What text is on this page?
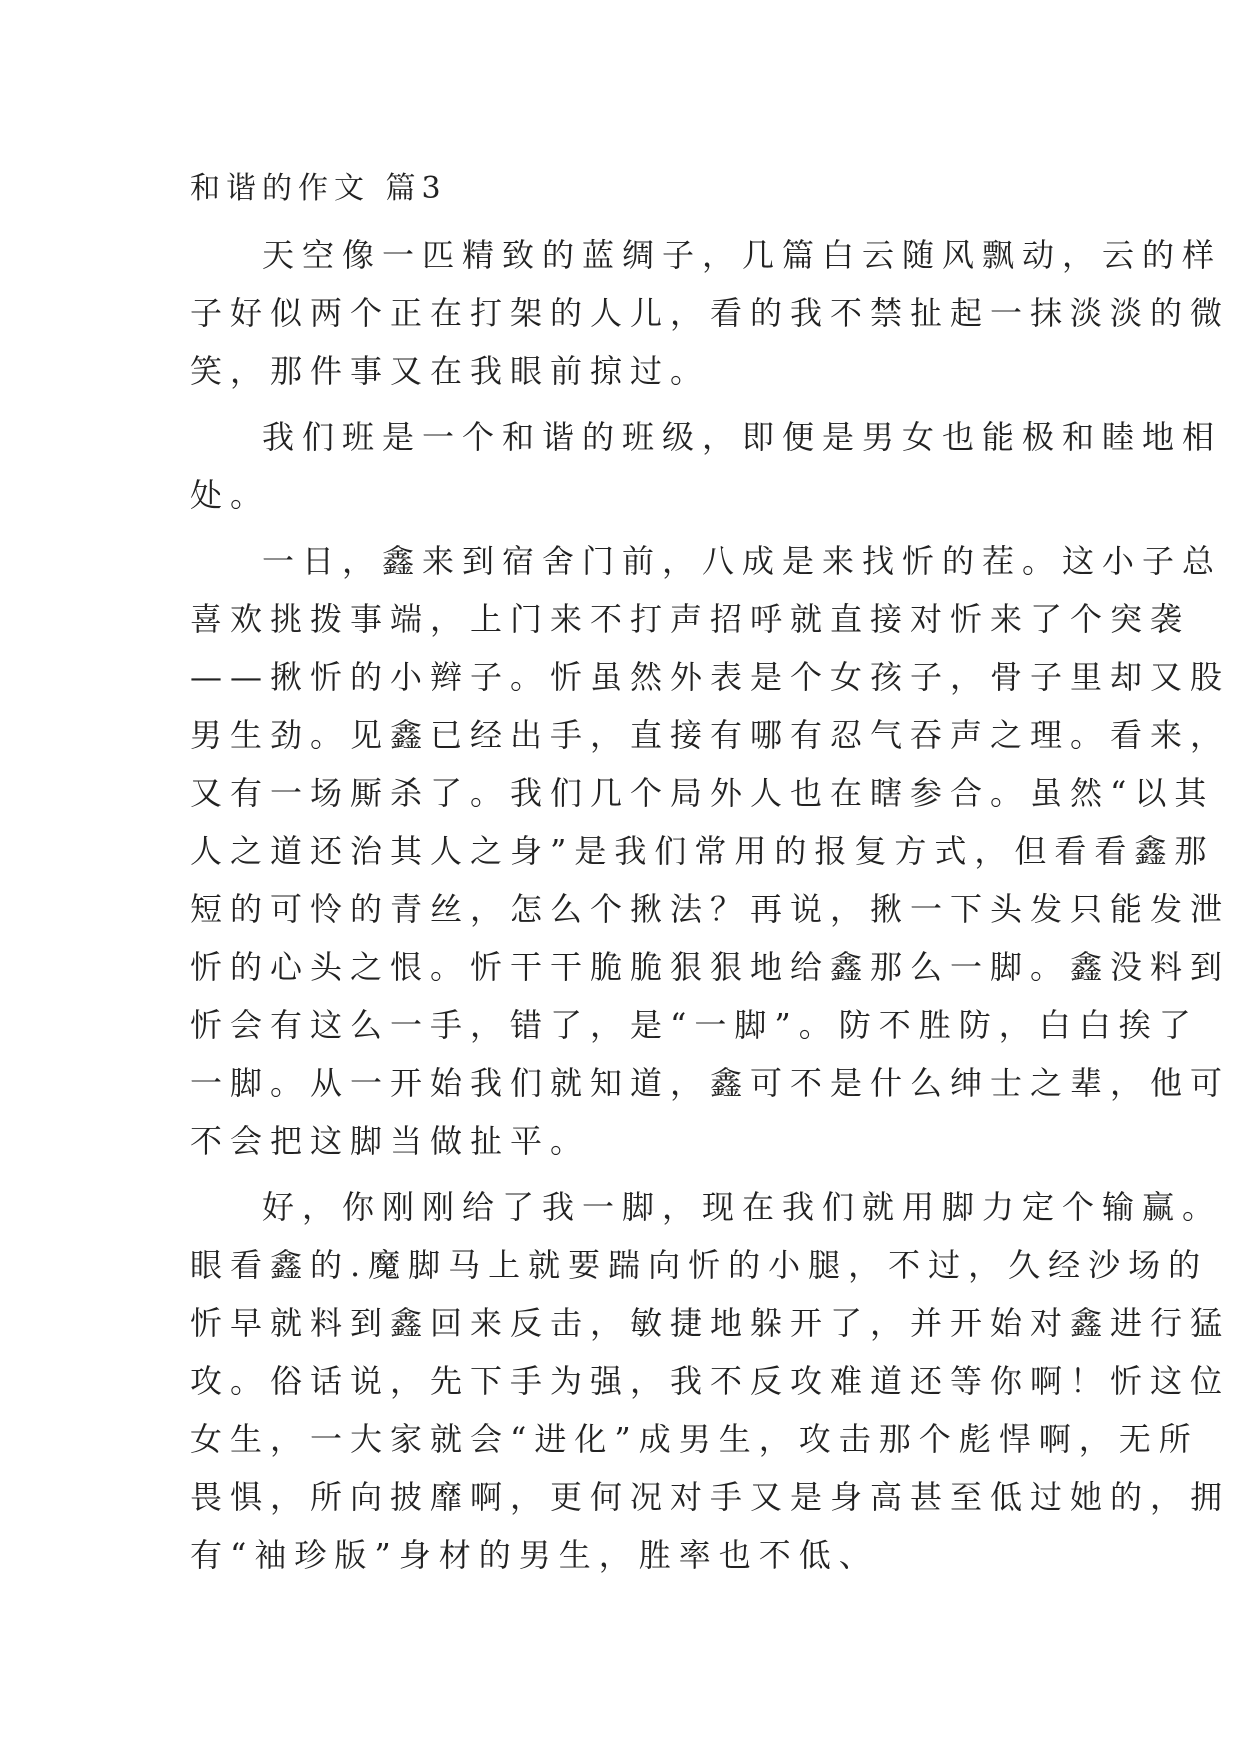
和谐的作文 篇3
天空像一匹精致的蓝绸子，几篇白云随风飘动，云的样
子好似两个正在打架的人儿，看的我不禁扯起一抹淡淡的微
笑，那件事又在我眼前掠过。
我们班是一个和谐的班级，即便是男女也能极和睦地相
处。
一日，鑫来到宿舍门前，八成是来找忻的茬。这小子总
喜欢挑拨事端，上门来不打声招呼就直接对忻来了个突袭
——揪忻的小辫子。忻虽然外表是个女孩子，骨子里却又股
男生劲。见鑫已经出手，直接有哪有忍气吞声之理。看来，
又有一场厮杀了。我们几个局外人也在瞎参合。虽然“以其
人之道还治其人之身”是我们常用的报复方式，但看看鑫那
短的可怜的青丝，怎么个揪法？再说，揪一下头发只能发泄
忻的心头之恨。忻干干脆脆狠狠地给鑫那么一脚。鑫没料到
忻会有这么一手，错了，是“一脚”。防不胜防，白白挨了
一脚。从一开始我们就知道，鑫可不是什么绅士之辈，他可
不会把这脚当做扯平。
好，你刚刚给了我一脚，现在我们就用脚力定个输赢。
眼看鑫的.魔脚马上就要踹向忻的小腿，不过，久经沙场的
忻早就料到鑫回来反击，敏捷地躲开了，并开始对鑫进行猛
攻。俗话说，先下手为强，我不反攻难道还等你啊！忻这位
女生，一大家就会“进化”成男生，攻击那个彪悍啊，无所
畏惧，所向披靡啊，更何况对手又是身高甚至低过她的，拥
有“袖珍版”身材的男生，胜率也不低、
